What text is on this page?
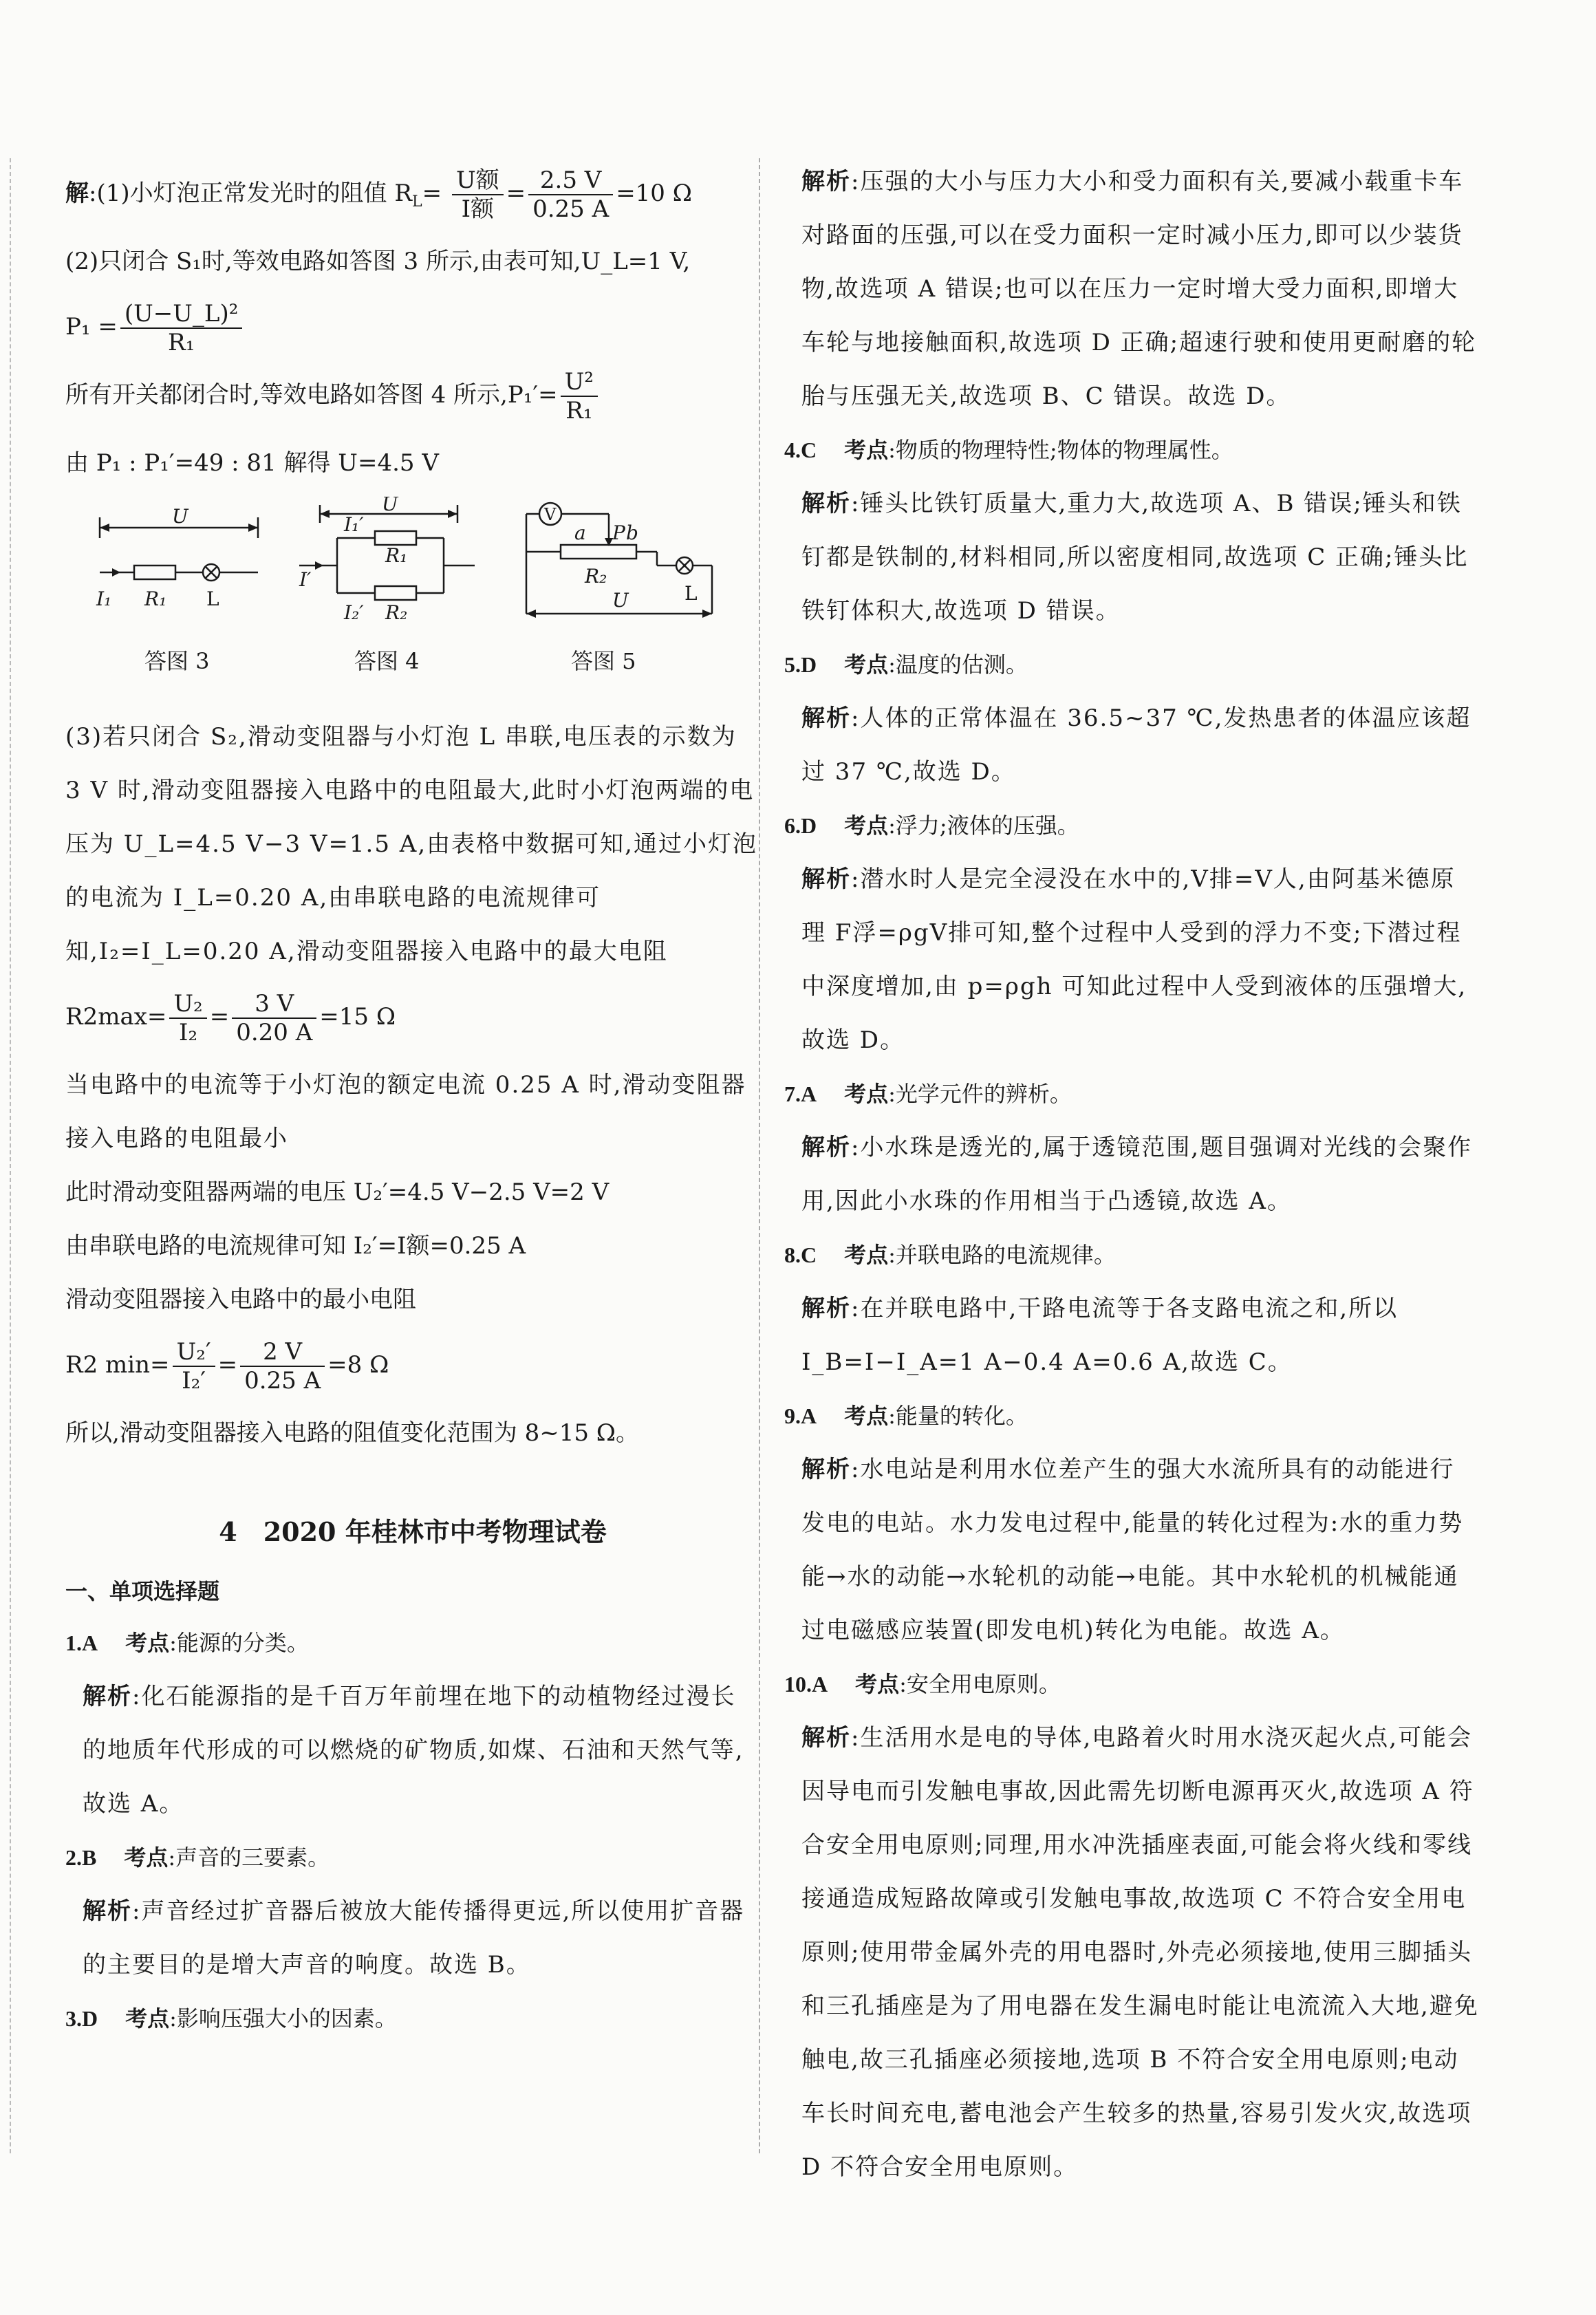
解:(1)小灯泡正常发光时的阻值 $R_L= \frac{\text{U额}}{\text{I额}} = \frac{2.5 V}{0.25 A} =10$ Ω

(2)只闭合 S₁时,等效电路如答图 3 所示,由表可知,U_L=1 V,

$P_1 = \frac{\text{(U−U\_L)²}}{\text{R₁}}$
所有开关都闭合时,等效电路如答图 4 所示$,P_1'= \frac{\text{U²}}{\text{R₁}}$

由 P₁ : P₁′=49 : 81 解得 U=4.5 V

U
I₁ R₁ L
U
I′
I₁′
R₁
I₂′ R₂
V
a P b
R₂
L
U
答图 3	答图 4	答图 5

(3)若只闭合 S₂,滑动变阻器与小灯泡 L 串联,电压表的示数为 3 V 时,滑动变阻器接入电路中的电阻最大,此时小灯泡两端的电压为 U_L=4.5 V−3 V=1.5 A,由表格中数据可知,通过小灯泡的电流为 I_L=0.20 A,由串联电路的电流规律可知,I₂=I_L=0.20 A,滑动变阻器接入电路中的最大电阻

$R2\max= \frac{\text{U₂}}{\text{I₂}} = \frac{3 V}{0.20 A} =15$ Ω

当电路中的电流等于小灯泡的额定电流 0.25 A 时,滑动变阻器接入电路的电阻最小

此时滑动变阻器两端的电压 U₂′=4.5 V−2.5 V=2 V

由串联电路的电流规律可知 I₂′=I额=0.25 A

滑动变阻器接入电路中的最小电阻

R2 $\min= \frac{\text{U₂′}}{\text{I₂′}} = \frac{2 V}{0.25 A} =8$ Ω

所以,滑动变阻器接入电路的阻值变化范围为 8~15 Ω。

4　2020 年桂林市中考物理试卷

一、单项选择题

1.A 考点:能源的分类。

解析:化石能源指的是千百万年前埋在地下的动植物经过漫长的地质年代形成的可以燃烧的矿物质,如煤、石油和天然气等,故选 A。

2.B 考点:声音的三要素。

解析:声音经过扩音器后被放大能传播得更远,所以使用扩音器的主要目的是增大声音的响度。故选 B。

3.D 考点:影响压强大小的因素。

解析:压强的大小与压力大小和受力面积有关,要减小载重卡车对路面的压强,可以在受力面积一定时减小压力,即可以少装货物,故选项 A 错误;也可以在压力一定时增大受力面积,即增大车轮与地接触面积,故选项 D 正确;超速行驶和使用更耐磨的轮胎与压强无关,故选项 B、C 错误。故选 D。

4.C 考点:物质的物理特性;物体的物理属性。

解析:锤头比铁钉质量大,重力大,故选项 A、B 错误;锤头和铁钉都是铁制的,材料相同,所以密度相同,故选项 C 正确;锤头比铁钉体积大,故选项 D 错误。

5.D 考点:温度的估测。

解析:人体的正常体温在 36.5~37 ℃,发热患者的体温应该超过 37 ℃,故选 D。

6.D 考点:浮力;液体的压强。

解析:潜水时人是完全浸没在水中的,V排=V人,由阿基米德原理 F浮=ρgV排可知,整个过程中人受到的浮力不变;下潜过程中深度增加,由 p=ρgh 可知此过程中人受到液体的压强增大,故选 D。

7.A 考点:光学元件的辨析。

解析:小水珠是透光的,属于透镜范围,题目强调对光线的会聚作用,因此小水珠的作用相当于凸透镜,故选 A。

8.C 考点:并联电路的电流规律。

解析:在并联电路中,干路电流等于各支路电流之和,所以 I_B=I−I_A=1 A−0.4 A=0.6 A,故选 C。

9.A 考点:能量的转化。

解析:水电站是利用水位差产生的强大水流所具有的动能进行发电的电站。水力发电过程中,能量的转化过程为:水的重力势能→水的动能→水轮机的动能→电能。其中水轮机的机械能通过电磁感应装置(即发电机)转化为电能。故选 A。

10.A 考点:安全用电原则。

解析:生活用水是电的导体,电路着火时用水浇灭起火点,可能会因导电而引发触电事故,因此需先切断电源再灭火,故选项 A 符合安全用电原则;同理,用水冲洗插座表面,可能会将火线和零线接通造成短路故障或引发触电事故,故选项 C 不符合安全用电原则;使用带金属外壳的用电器时,外壳必须接地,使用三脚插头和三孔插座是为了用电器在发生漏电时能让电流流入大地,避免触电,故三孔插座必须接地,选项 B 不符合安全用电原则;电动车长时间充电,蓄电池会产生较多的热量,容易引发火灾,故选项 D 不符合安全用电原则。
